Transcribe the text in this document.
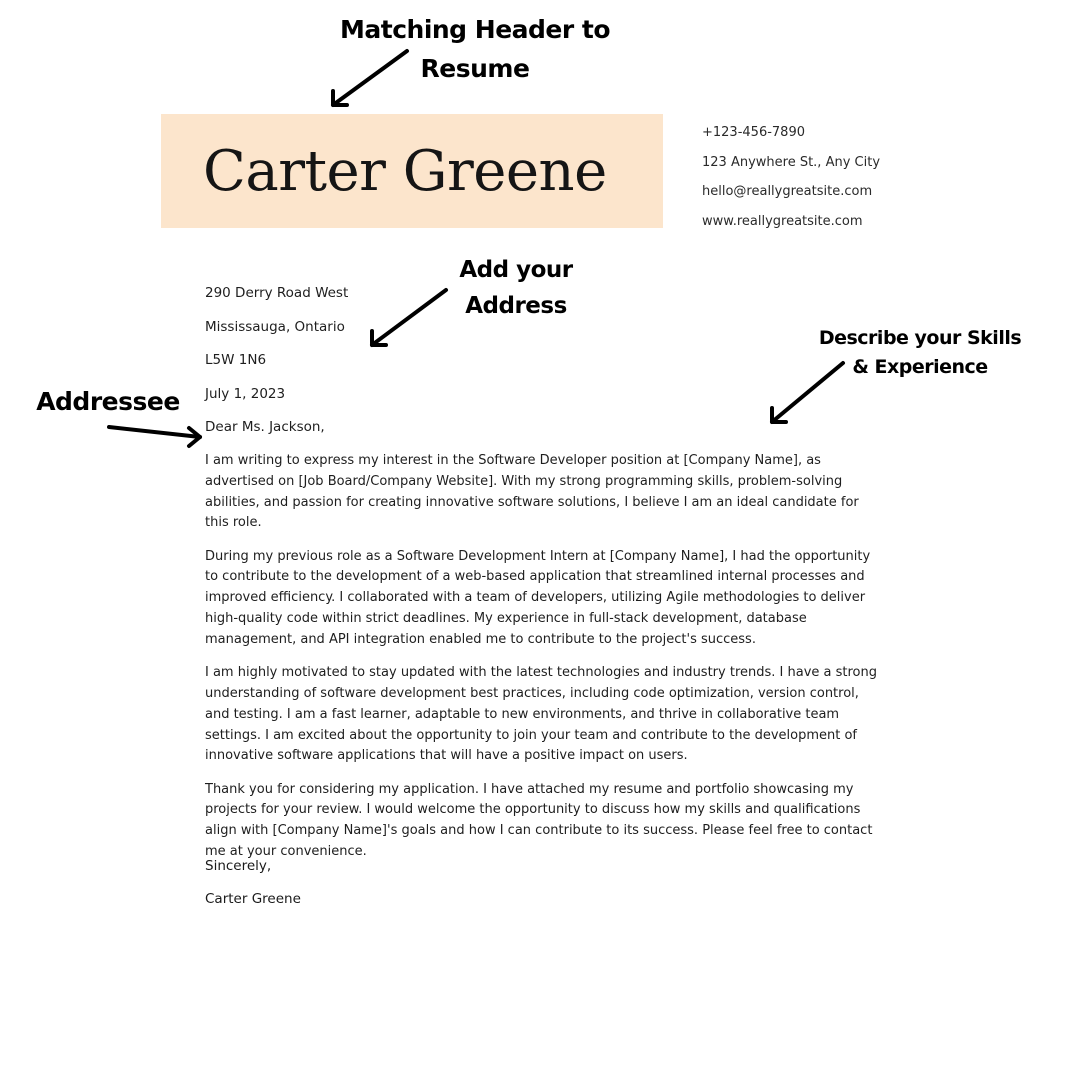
Carter Greene
+123-456-7890
123 Anywhere St., Any City
hello@reallygreatsite.com
www.reallygreatsite.com
290 Derry Road West
Mississauga, Ontario
L5W 1N6
July 1, 2023
Dear Ms. Jackson,

I am writing to express my interest in the Software Developer position at [Company Name], as advertised on [Job Board/Company Website]. With my strong programming skills, problem-solving abilities, and passion for creating innovative software solutions, I believe I am an ideal candidate for this role.

During my previous role as a Software Development Intern at [Company Name], I had the opportunity to contribute to the development of a web-based application that streamlined internal processes and improved efficiency. I collaborated with a team of developers, utilizing Agile methodologies to deliver high-quality code within strict deadlines. My experience in full-stack development, database management, and API integration enabled me to contribute to the project's success.

I am highly motivated to stay updated with the latest technologies and industry trends. I have a strong understanding of software development best practices, including code optimization, version control, and testing. I am a fast learner, adaptable to new environments, and thrive in collaborative team settings. I am excited about the opportunity to join your team and contribute to the development of innovative software applications that will have a positive impact on users.

Thank you for considering my application. I have attached my resume and portfolio showcasing my projects for your review. I would welcome the opportunity to discuss how my skills and qualifications align with [Company Name]'s goals and how I can contribute to its success. Please feel free to contact me at your convenience.

Sincerely,
Carter Greene
Matching Header to
Resume
Add your
Address
Describe your Skills
& Experience
Addressee
